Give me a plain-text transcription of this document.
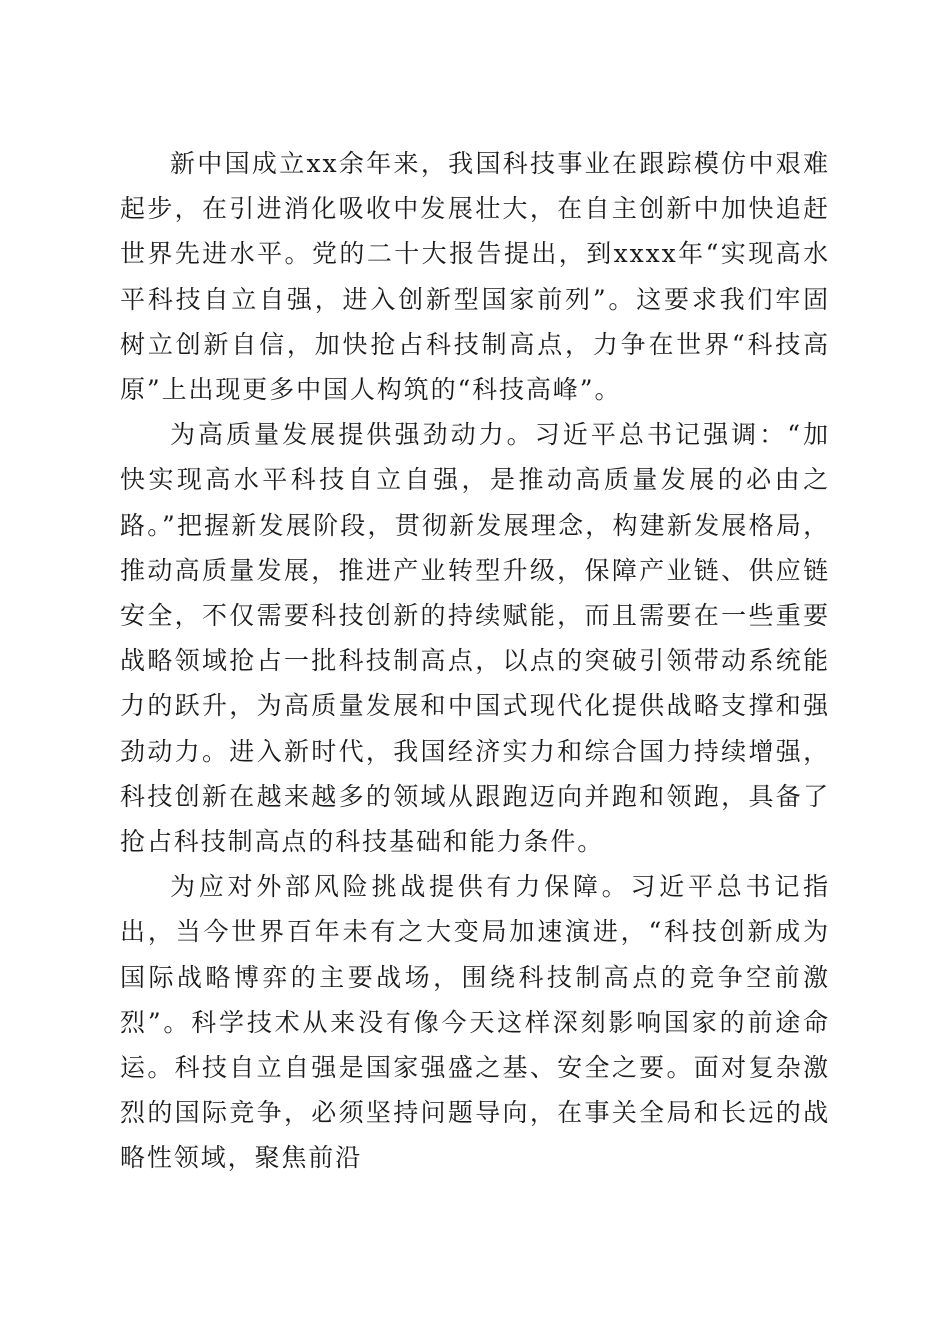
新中国成立xx余年来，我国科技事业在跟踪模仿中艰难起步，在引进消化吸收中发展壮大，在自主创新中加快追赶世界先进水平。党的二十大报告提出，到xxxx年“实现高水平科技自立自强，进入创新型国家前列”。这要求我们牢固树立创新自信，加快抢占科技制高点，力争在世界“科技高原”上出现更多中国人构筑的“科技高峰”。

为高质量发展提供强劲动力。习近平总书记强调：“加快实现高水平科技自立自强，是推动高质量发展的必由之路。”把握新发展阶段，贯彻新发展理念，构建新发展格局，推动高质量发展，推进产业转型升级，保障产业链、供应链安全，不仅需要科技创新的持续赋能，而且需要在一些重要战略领域抢占一批科技制高点，以点的突破引领带动系统能力的跃升，为高质量发展和中国式现代化提供战略支撑和强劲动力。进入新时代，我国经济实力和综合国力持续增强，科技创新在越来越多的领域从跟跑迈向并跑和领跑，具备了抢占科技制高点的科技基础和能力条件。

为应对外部风险挑战提供有力保障。习近平总书记指出，当今世界百年未有之大变局加速演进，“科技创新成为国际战略博弈的主要战场，围绕科技制高点的竞争空前激烈”。科学技术从来没有像今天这样深刻影响国家的前途命运。科技自立自强是国家强盛之基、安全之要。面对复杂激烈的国际竞争，必须坚持问题导向，在事关全局和长远的战略性领域，聚焦前沿
